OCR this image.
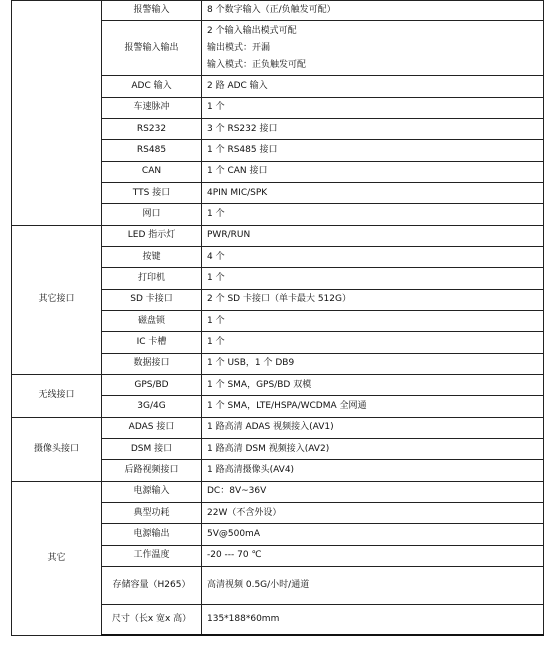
	报警输入	8 个数字输入（正/负触发可配）

	报警输入输出	2 个输入输出模式可配
输出模式：开漏
输入模式：正负触发可配

	ADC 输入	2 路 ADC 输入

	车速脉冲	1 个

	RS232	3 个 RS232 接口

	RS485	1 个 RS485 接口

	CAN	1 个 CAN 接口

	TTS 接口	4PIN MIC/SPK

	网口	1 个

其它接口	LED 指示灯	PWR/RUN

	按键	4 个

	打印机	1 个

	SD 卡接口	2 个 SD 卡接口（单卡最大 512G）

	磁盘锁	1 个

	IC 卡槽	1 个

	数据接口	1 个 USB，1 个 DB9

无线接口	GPS/BD	1 个 SMA，GPS/BD 双模

	3G/4G	1 个 SMA，LTE/HSPA/WCDMA 全网通

摄像头接口	ADAS 接口	1 路高清 ADAS 视频接入(AV1)

	DSM 接口	1 路高清 DSM 视频接入(AV2)

	后路视频接口	1 路高清摄像头(AV4)

其它	电源输入	DC：8V~36V

	典型功耗	22W（不含外设）

	电源输出	5V@500mA

	工作温度	-20 --- 70 ℃

	存储容量（H265）	高清视频 0.5G/小时/通道

	尺寸（长x 宽x 高）	135*188*60mm
